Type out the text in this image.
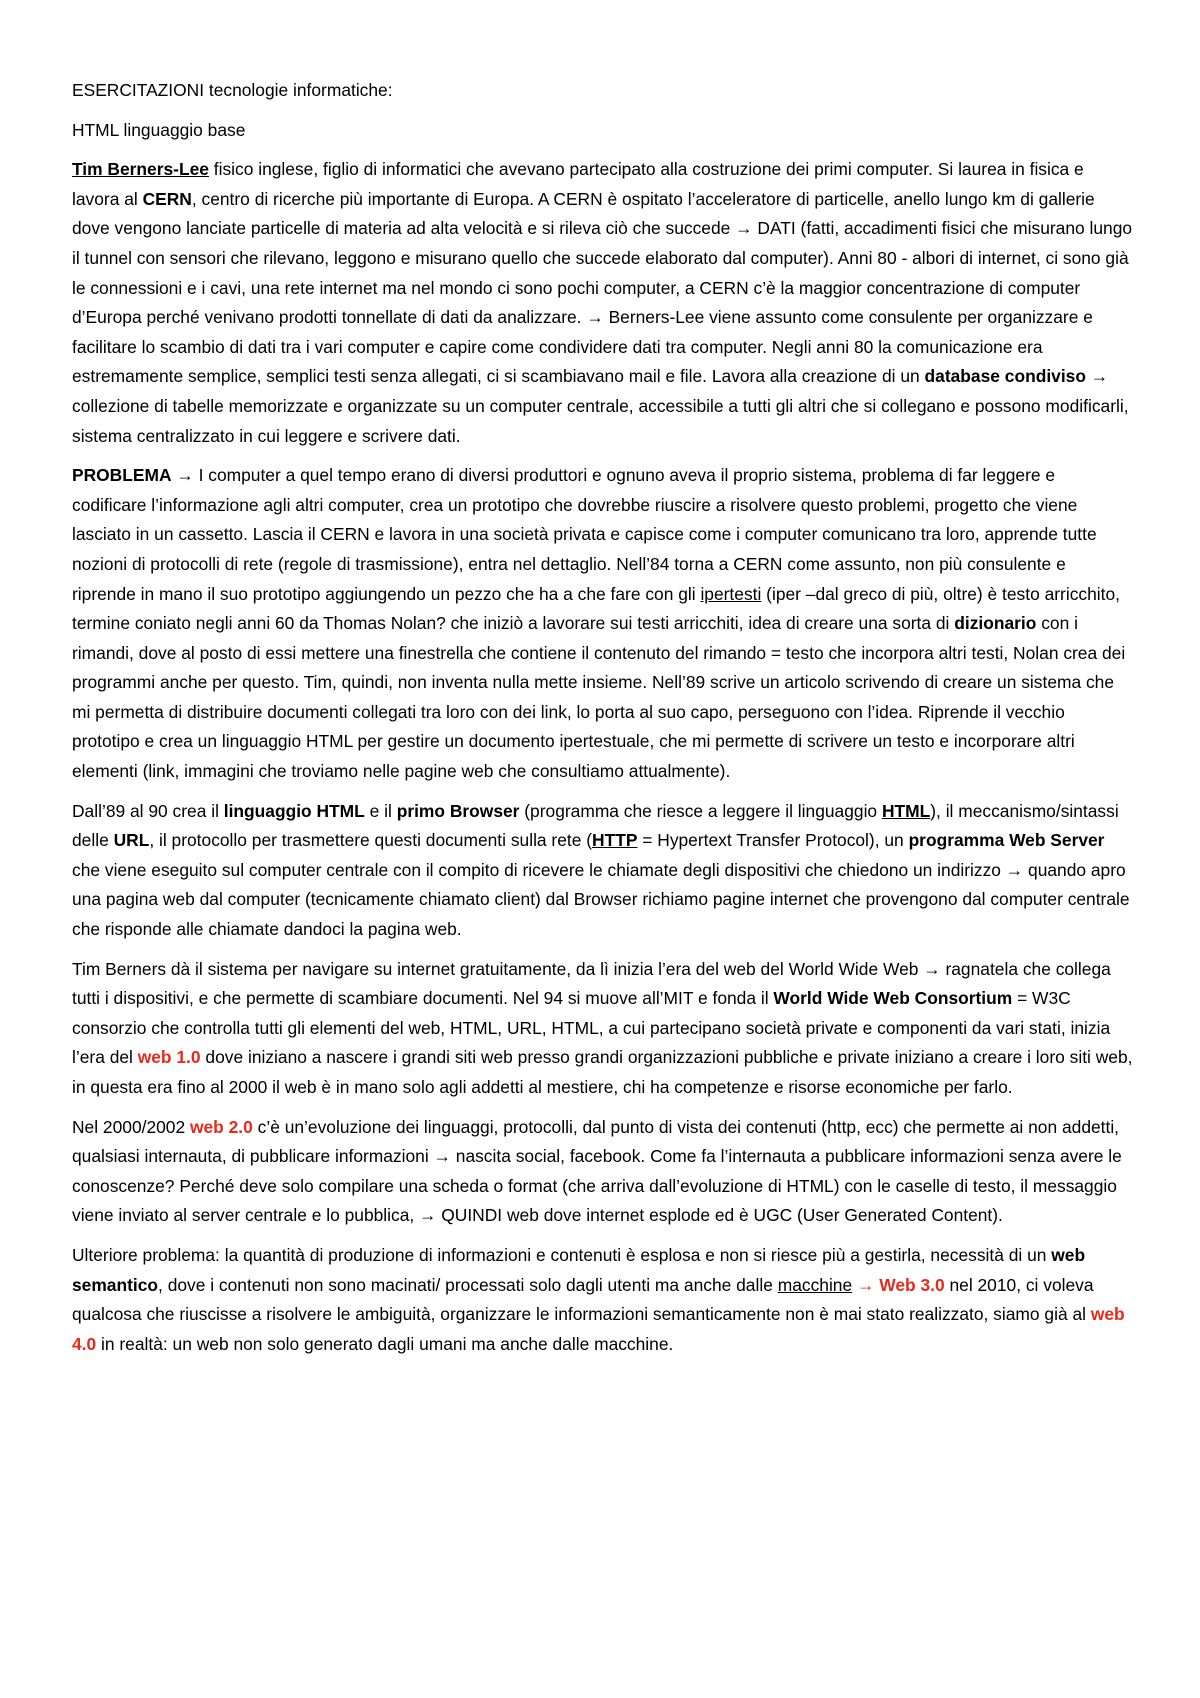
ESERCITAZIONI tecnologie informatiche:

HTML linguaggio base

Tim Berners-Lee fisico inglese, figlio di informatici che avevano partecipato alla costruzione dei primi computer. Si laurea in fisica e lavora al CERN, centro di ricerche più importante di Europa. A CERN è ospitato l’acceleratore di particelle, anello lungo km di gallerie dove vengono lanciate particelle di materia ad alta velocità e si rileva ciò che succede → DATI (fatti, accadimenti fisici che misurano lungo il tunnel con sensori che rilevano, leggono e misurano quello che succede elaborato dal computer). Anni 80 - albori di internet, ci sono già le connessioni e i cavi, una rete internet ma nel mondo ci sono pochi computer, a CERN c’è la maggior concentrazione di computer d’Europa perché venivano prodotti tonnellate di dati da analizzare. → Berners-Lee viene assunto come consulente per organizzare e facilitare lo scambio di dati tra i vari computer e capire come condividere dati tra computer. Negli anni 80 la comunicazione era estremamente semplice, semplici testi senza allegati, ci si scambiavano mail e file. Lavora alla creazione di un database condiviso → collezione di tabelle memorizzate e organizzate su un computer centrale, accessibile a tutti gli altri che si collegano e possono modificarli, sistema centralizzato in cui leggere e scrivere dati.

PROBLEMA → I computer a quel tempo erano di diversi produttori e ognuno aveva il proprio sistema, problema di far leggere e codificare l’informazione agli altri computer, crea un prototipo che dovrebbe riuscire a risolvere questo problemi, progetto che viene lasciato in un cassetto. Lascia il CERN e lavora in una società privata e capisce come i computer comunicano tra loro, apprende tutte nozioni di protocolli di rete (regole di trasmissione), entra nel dettaglio. Nell’84 torna a CERN come assunto, non più consulente e riprende in mano il suo prototipo aggiungendo un pezzo che ha a che fare con gli ipertesti (iper –dal greco di più, oltre) è testo arricchito, termine coniato negli anni 60 da Thomas Nolan? che iniziò a lavorare sui testi arricchiti, idea di creare una sorta di dizionario con i rimandi, dove al posto di essi mettere una finestrella che contiene il contenuto del rimando = testo che incorpora altri testi, Nolan crea dei programmi anche per questo. Tim, quindi, non inventa nulla mette insieme. Nell’89 scrive un articolo scrivendo di creare un sistema che mi permetta di distribuire documenti collegati tra loro con dei link, lo porta al suo capo, perseguono con l’idea. Riprende il vecchio prototipo e crea un linguaggio HTML per gestire un documento ipertestuale, che mi permette di scrivere un testo e incorporare altri elementi (link, immagini che troviamo nelle pagine web che consultiamo attualmente).

Dall’89 al 90 crea il linguaggio HTML e il primo Browser (programma che riesce a leggere il linguaggio HTML), il meccanismo/sintassi delle URL, il protocollo per trasmettere questi documenti sulla rete (HTTP = Hypertext Transfer Protocol), un programma Web Server che viene eseguito sul computer centrale con il compito di ricevere le chiamate degli dispositivi che chiedono un indirizzo → quando apro una pagina web dal computer (tecnicamente chiamato client) dal Browser richiamo pagine internet che provengono dal computer centrale che risponde alle chiamate dandoci la pagina web.

Tim Berners dà il sistema per navigare su internet gratuitamente, da lì inizia l’era del web del World Wide Web → ragnatela che collega tutti i dispositivi, e che permette di scambiare documenti. Nel 94 si muove all’MIT e fonda il World Wide Web Consortium = W3C consorzio che controlla tutti gli elementi del web, HTML, URL, HTML, a cui partecipano società private e componenti da vari stati, inizia l’era del web 1.0 dove iniziano a nascere i grandi siti web presso grandi organizzazioni pubbliche e private iniziano a creare i loro siti web, in questa era fino al 2000 il web è in mano solo agli addetti al mestiere, chi ha competenze e risorse economiche per farlo.

Nel 2000/2002 web 2.0 c’è un’evoluzione dei linguaggi, protocolli, dal punto di vista dei contenuti (http, ecc) che permette ai non addetti, qualsiasi internauta, di pubblicare informazioni → nascita social, facebook. Come fa l’internauta a pubblicare informazioni senza avere le conoscenze? Perché deve solo compilare una scheda o format (che arriva dall’evoluzione di HTML) con le caselle di testo, il messaggio viene inviato al server centrale e lo pubblica, → QUINDI web dove internet esplode ed è UGC (User Generated Content).

Ulteriore problema: la quantità di produzione di informazioni e contenuti è esplosa e non si riesce più a gestirla, necessità di un web semantico, dove i contenuti non sono macinati/ processati solo dagli utenti ma anche dalle macchine → Web 3.0 nel 2010, ci voleva qualcosa che riuscisse a risolvere le ambiguità, organizzare le informazioni semanticamente non è mai stato realizzato, siamo già al web 4.0 in realtà: un web non solo generato dagli umani ma anche dalle macchine.
